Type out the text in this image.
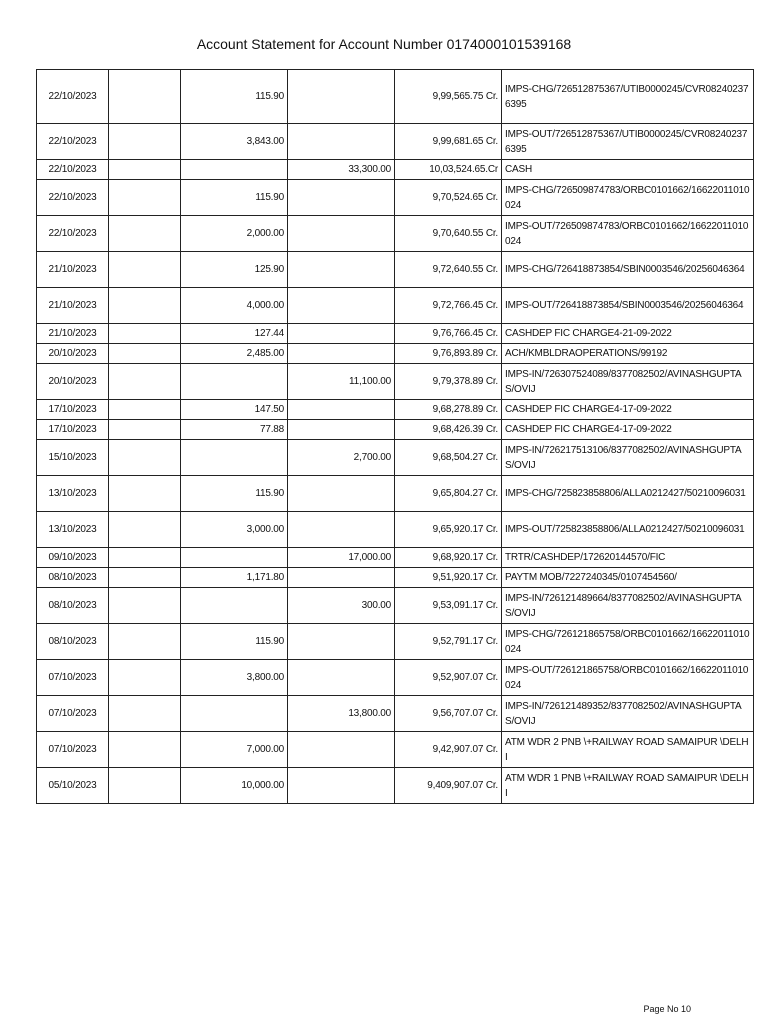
Account Statement for Account Number 0174000101539168
22/10/2023		115.90		9,99,565.75 Cr.	IMPS-CHG/726512875367/UTIB0000245/CVR082402376395
22/10/2023		3,843.00		9,99,681.65 Cr.	IMPS-OUT/726512875367/UTIB0000245/CVR082402376395
22/10/2023			33,300.00	10,03,524.65.Cr	CASH
22/10/2023		115.90		9,70,524.65 Cr.	IMPS-CHG/726509874783/ORBC0101662/16622011010024
22/10/2023		2,000.00		9,70,640.55 Cr.	IMPS-OUT/726509874783/ORBC0101662/16622011010024
21/10/2023		125.90		9,72,640.55 Cr.	IMPS-CHG/726418873854/SBIN0003546/20256046364
21/10/2023		4,000.00		9,72,766.45 Cr.	IMPS-OUT/726418873854/SBIN0003546/20256046364
21/10/2023		127.44		9,76,766.45 Cr.	CASHDEP FIC CHARGE4-21-09-2022
20/10/2023		2,485.00		9,76,893.89 Cr.	ACH/KMBLDRAOPERATIONS/99192
20/10/2023			11,100.00	9,79,378.89 Cr.	IMPS-IN/726307524089/8377082502/AVINASHGUPTAS/OVIJ
17/10/2023		147.50		9,68,278.89 Cr.	CASHDEP FIC CHARGE4-17-09-2022
17/10/2023		77.88		9,68,426.39 Cr.	CASHDEP FIC CHARGE4-17-09-2022
15/10/2023			2,700.00	9,68,504.27 Cr.	IMPS-IN/726217513106/8377082502/AVINASHGUPTAS/OVIJ
13/10/2023		115.90		9,65,804.27 Cr.	IMPS-CHG/725823858806/ALLA0212427/50210096031
13/10/2023		3,000.00		9,65,920.17 Cr.	IMPS-OUT/725823858806/ALLA0212427/50210096031
09/10/2023			17,000.00	9,68,920.17 Cr.	TRTR/CASHDEP/172620144570/FIC
08/10/2023		1,171.80		9,51,920.17 Cr.	PAYTM MOB/7227240345/0107454560/
08/10/2023			300.00	9,53,091.17 Cr.	IMPS-IN/726121489664/8377082502/AVINASHGUPTAS/OVIJ
08/10/2023		115.90		9,52,791.17 Cr.	IMPS-CHG/726121865758/ORBC0101662/16622011010024
07/10/2023		3,800.00		9,52,907.07 Cr.	IMPS-OUT/726121865758/ORBC0101662/16622011010024
07/10/2023			13,800.00	9,56,707.07 Cr.	IMPS-IN/726121489352/8377082502/AVINASHGUPTAS/OVIJ
07/10/2023		7,000.00		9,42,907.07 Cr.	ATM WDR 2 PNB \+RAILWAY ROAD SAMAIPUR \DELHI
05/10/2023		10,000.00		9,409,907.07 Cr.	ATM WDR 1 PNB \+RAILWAY ROAD SAMAIPUR \DELHI
Page No 10
